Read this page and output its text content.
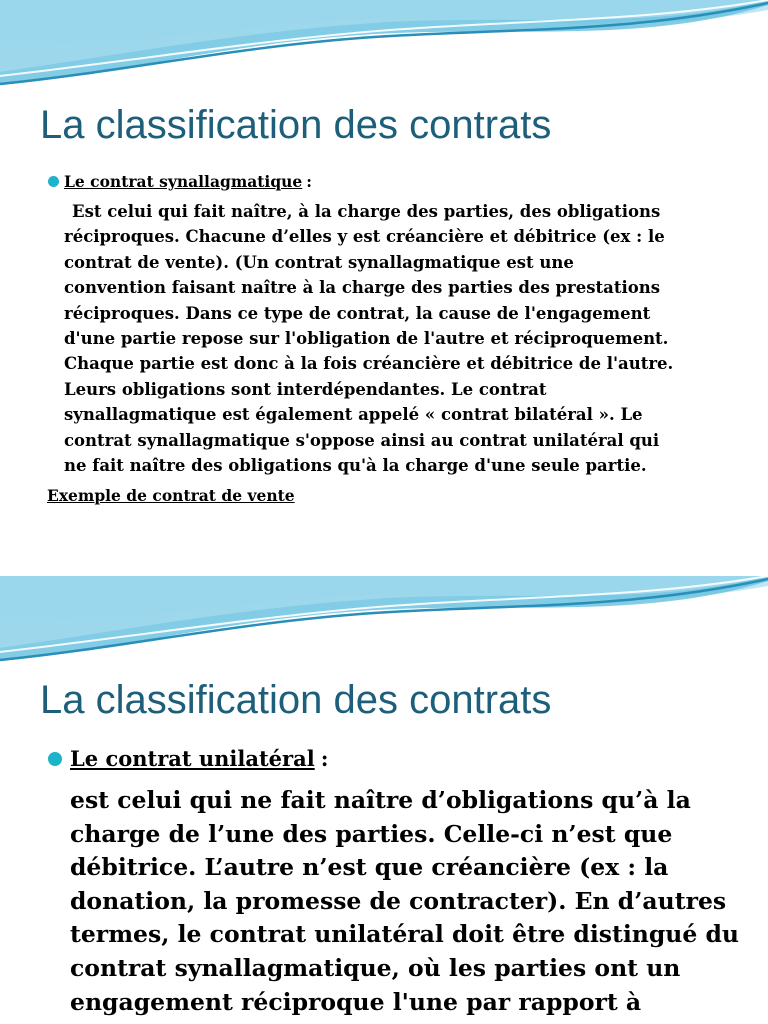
La classification des contrats
Le contrat synallagmatique :
Est celui qui fait naître, à la charge des parties, des obligations
réciproques. Chacune d’elles y est créancière et débitrice (ex : le
contrat de vente). (Un contrat synallagmatique est une
convention faisant naître à la charge des parties des prestations
réciproques. Dans ce type de contrat, la cause de l'engagement
d'une partie repose sur l'obligation de l'autre et réciproquement.
Chaque partie est donc à la fois créancière et débitrice de l'autre.
Leurs obligations sont interdépendantes. Le contrat
synallagmatique est également appelé « contrat bilatéral ». Le
contrat synallagmatique s'oppose ainsi au contrat unilatéral qui
ne fait naître des obligations qu'à la charge d'une seule partie.
Exemple de contrat de vente
La classification des contrats
Le contrat unilatéral :
est celui qui ne fait naître d’obligations qu’à la
charge de l’une des parties. Celle-ci n’est que
débitrice. L’autre n’est que créancière (ex : la
donation, la promesse de contracter). En d’autres
termes, le contrat unilatéral doit être distingué du
contrat synallagmatique, où les parties ont un
engagement réciproque l'une par rapport à
